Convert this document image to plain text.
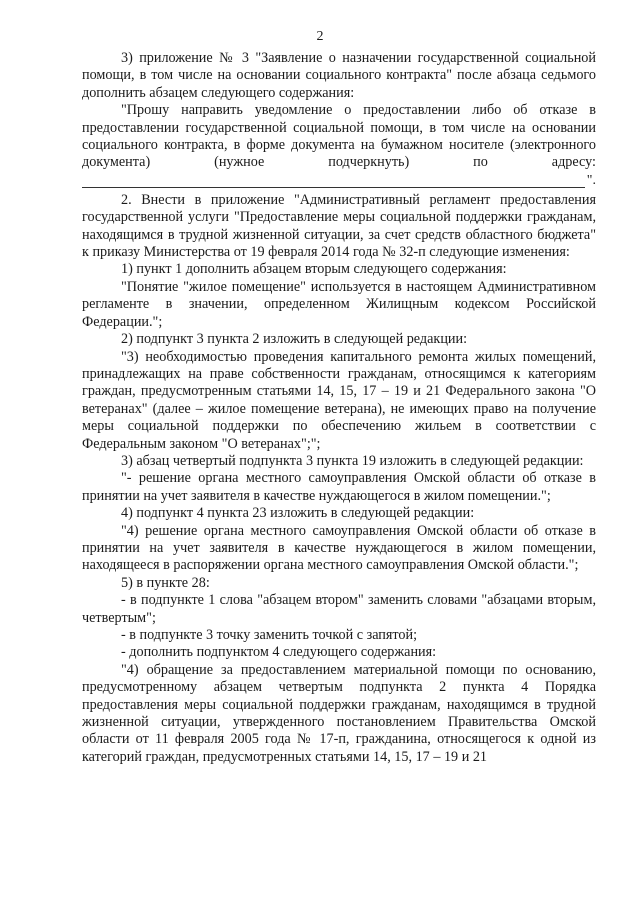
2

3) приложение № 3 "Заявление о назначении государственной социальной помощи, в том числе на основании социального контракта" после абзаца седьмого дополнить абзацем следующего содержания:

"Прошу направить уведомление о предоставлении либо об отказе в предоставлении государственной социальной помощи, в том числе на основании социального контракта, в форме документа на бумажном носителе (электронного документа) (нужное подчеркнуть) по адресу:

".

2. Внести в приложение "Административный регламент предоставления государственной услуги "Предоставление меры социальной поддержки гражданам, находящимся в трудной жизненной ситуации, за счет средств областного бюджета" к приказу Министерства от 19 февраля 2014 года № 32-п следующие изменения:

1) пункт 1 дополнить абзацем вторым следующего содержания:

"Понятие "жилое помещение" используется в настоящем Административном регламенте в значении, определенном Жилищным кодексом Российской Федерации.";

2) подпункт 3 пункта 2 изложить в следующей редакции:

"3) необходимостью проведения капитального ремонта жилых помещений, принадлежащих на праве собственности гражданам, относящимся к категориям граждан, предусмотренным статьями 14, 15, 17 – 19 и 21 Федерального закона "О ветеранах" (далее – жилое помещение ветерана), не имеющих право на получение меры социальной поддержки по обеспечению жильем в соответствии с Федеральным законом "О ветеранах";";

3) абзац четвертый подпункта 3 пункта 19 изложить в следующей редакции:

"- решение органа местного самоуправления Омской области об отказе в принятии на учет заявителя в качестве нуждающегося в жилом помещении.";

4) подпункт 4 пункта 23 изложить в следующей редакции:

"4) решение органа местного самоуправления Омской области об отказе в принятии на учет заявителя в качестве нуждающегося в жилом помещении, находящееся в распоряжении органа местного самоуправления Омской области.";

5) в пункте 28:

- в подпункте 1 слова "абзацем втором" заменить словами "абзацами вторым, четвертым";

- в подпункте 3 точку заменить точкой с запятой;

- дополнить подпунктом 4 следующего содержания:

"4) обращение за предоставлением материальной помощи по основанию, предусмотренному абзацем четвертым подпункта 2 пункта 4 Порядка предоставления меры социальной поддержки гражданам, находящимся в трудной жизненной ситуации, утвержденного постановлением Правительства Омской области от 11 февраля 2005 года № 17-п, гражданина, относящегося к одной из категорий граждан, предусмотренных статьями 14, 15, 17 – 19 и 21
